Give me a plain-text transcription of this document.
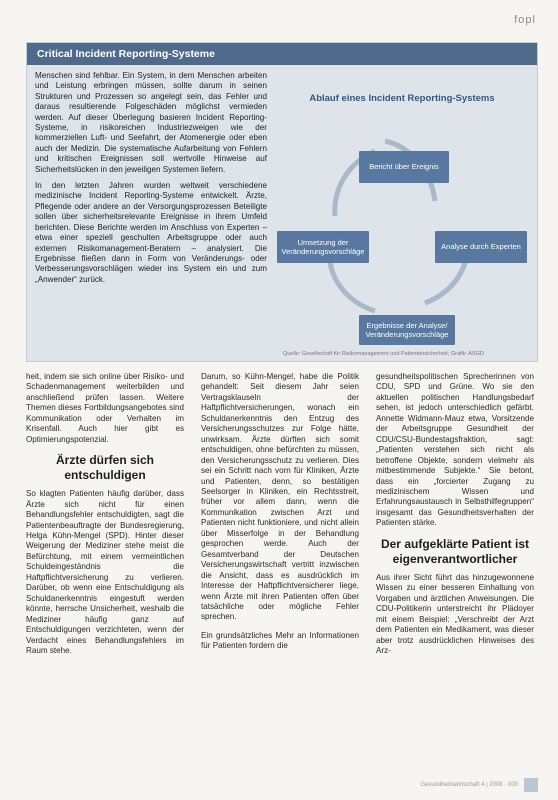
fopl
Critical Incident Reporting-Systeme

Menschen sind fehlbar. Ein System, in dem Menschen arbeiten und Leistung erbringen müssen, sollte darum in seinen Strukturen und Prozessen so angelegt sein, das Fehler und daraus resultierende Folgeschäden möglichst vermieden werden. Auf dieser Überlegung basieren Incident Reporting-Systeme, in risikoreichen Industriezweigen wie der kommerziellen Luft- und Seefahrt, der Atomenergie oder eben auch der Medizin. Die systematische Aufarbeitung von Fehlern und kritischen Ereignissen soll wertvolle Hinweise auf Sicherheitslücken in den jeweiligen Systemen liefern.

In den letzten Jahren wurden weltweit verschiedene medizinische Incident Reporting-Systeme entwickelt. Ärzte, Pflegende oder andere an der Versorgungsprozessen Beteiligte sollen über sicherheitsrelevante Ereignisse in ihrem Umfeld berichten. Diese Berichte werden im Anschluss von Experten – etwa einer speziell geschulten Arbeitsgruppe oder auch externen Risikomanagement-Beratern – analysiert. Die Ergebnisse fließen dann in Form von Veränderungs- oder Verbesserungsvorschlägen wieder ins System ein und zum „Anwender“ zurück.

Ablauf eines Incident Reporting-Systems
Bericht über Ereignis
Analyse durch Experten
Ergebnisse der Analyse/ Veränderungsvorschläge
Umsetzung der Veränderungsvorschläge
Quelle: Gesellschaft für Risikomanagement und Patientensicherheit; Grafik: ASGD

heit, indem sie sich online über Risiko- und Schadenmanagement weiterbilden und anschließend prüfen lassen. Weitere Themen dieses Fortbildungsangebotes sind Kommunikation oder Verhalten im Krisenfall. Auch hier gibt es Optimierungspotenzial.

Ärzte dürfen sich entschuldigen

So klagten Patienten häufig darüber, dass Ärzte sich nicht für einen Behandlungsfehler entschuldigten, sagt die Patientenbeauftragte der Bundesregierung, Helga Kühn-Mengel (SPD). Hinter dieser Weigerung der Mediziner stehe meist die Befürchtung, mit einem vermeintlichen Schuldeingeständnis die Haftpflichtversicherung zu verlieren. Darüber, ob wenn eine Entschuldigung als Schuldanerkenntnis eingestuft werden könnte, herrsche Unsicherheit, weshalb die Mediziner häufig ganz auf Entschuldigungen verzichteten, wenn der Verdacht eines Behandlungsfehlers im Raum stehe.

Darum, so Kühn-Mengel, habe die Politik gehandelt: Seit diesem Jahr seien Vertragsklauseln der Haftpflichtversicherungen, wonach ein Schuldanerkenntnis den Entzug des Versicherungsschutzes zur Folge hätte, unwirksam. Ärzte dürften sich somit entschuldigen, ohne befürchten zu müssen, den Versicherungsschutz zu verlieren. Dies sei ein Schritt nach vorn für Kliniken, Ärzte und Patienten, denn, so bestätigen Seelsorger in Kliniken, ein Rechtsstreit, früher vor allem dann, wenn die Kommunikation zwischen Arzt und Patienten nicht funktioniere, und nicht allein über Misserfolge in der Behandlung gesprochen werde. Auch der Gesamtverband der Deutschen Versicherungswirtschaft vertritt inzwischen die Ansicht, dass es ausdrücklich im Interesse der Haftpflichtversicherer liege, wenn Ärzte mit ihren Patienten offen über tatsächliche oder mögliche Fehler sprechen.

Ein grundsätzliches Mehr an Informationen für Patienten fordern die

gesundheitspolitischen Sprecherinnen von CDU, SPD und Grüne. Wo sie den aktuellen politischen Handlungsbedarf sehen, ist jedoch unterschiedlich gefärbt. Annette Widmann-Mauz etwa, Vorsitzende der Arbeitsgruppe Gesundheit der CDU/CSU-Bundestagsfraktion, sagt: „Patienten verstehen sich nicht als betroffene Objekte, sondern vielmehr als mitbestimmende Subjekte.“ Sie betont, dass ein „forcierter Zugang zu medizinischem Wissen und Erfahrungsaustausch in Selbsthilfegruppen“ insgesamt das Gesundheitsverhalten der Patienten stärke.

Der aufgeklärte Patient ist eigenverantwortlicher

Aus ihrer Sicht führt das hinzugewonnene Wissen zu einer besseren Einhaltung von Vorgaben und ärztlichen Anweisungen. Die CDU-Politikerin unterstreicht ihr Plädoyer mit einem Beispiel: „Verschreibt der Arzt dem Patienten ein Medikament, was dieser aber trotz ausdrücklichen Hinweises des Arz-

Gesundheitswirtschaft 4 | 2008 · 000
